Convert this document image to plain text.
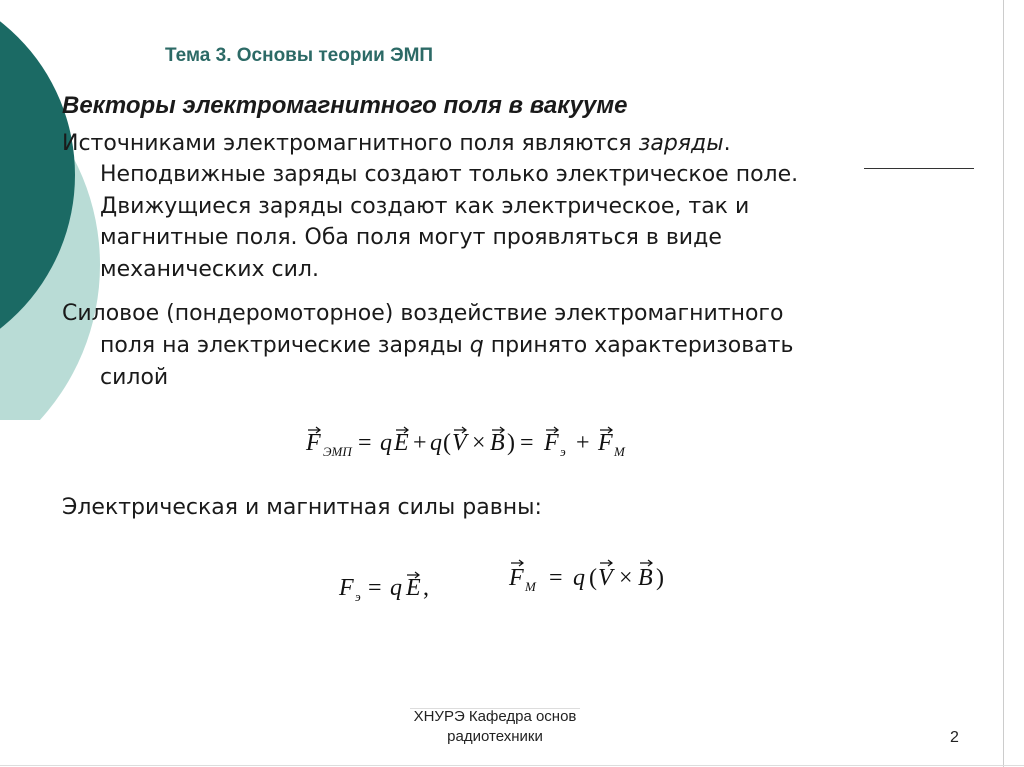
Тема 3. Основы теории ЭМП
Векторы электромагнитного поля в вакууме
Источниками электромагнитного поля являются заряды.
Неподвижные заряды создают только электрическое поле.
Движущиеся заряды создают как электрическое, так и
магнитные поля. Оба поля могут проявляться в виде
механических сил.
Силовое (пондеромоторное) воздействие электромагнитного
поля на электрические заряды q принято характеризовать
силой
F ЭМП = q E + q ( V × B ) = F э + F М
Электрическая и магнитная силы равны:
F э = q E ,	F М = q ( V × B )
ХНУРЭ Кафедра основ
радиотехники	2
